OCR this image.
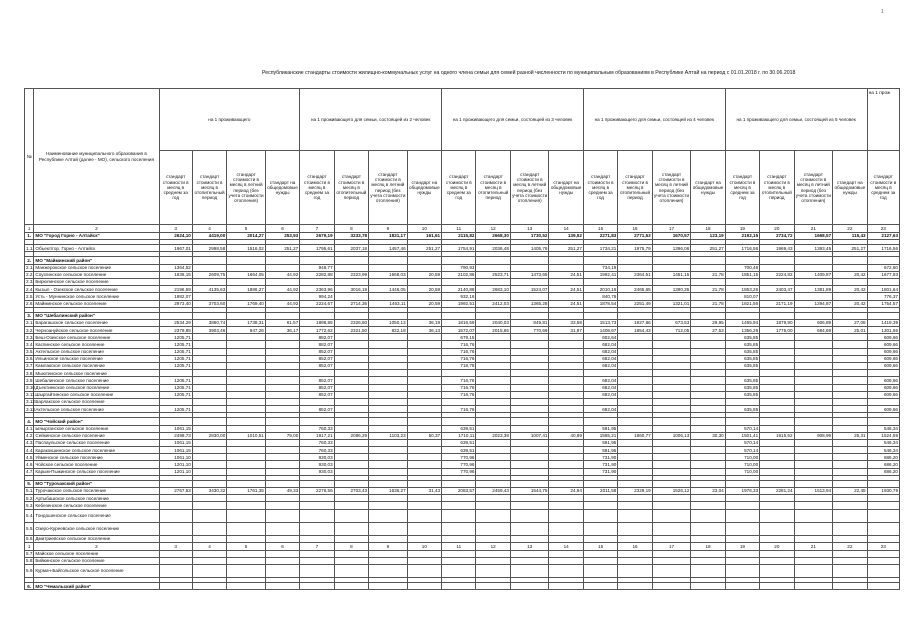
1
Республиканские стандарты стоимости жилищно-коммунальных услуг на одного члена семьи для семей разной численности по муниципальным образованиям в Республике Алтай на период с 01.01.2018 г. по 30.06.2018
№	Наименование муниципального образования в Республике Алтай (далее - МО), сельского поселения	на 1 проживающего				на 1 проживающего для семьи, состоящей из 2 человек				на 1 проживающего для семьи, состоящей из 3 человек				на 1 проживающего для семьи, состоящей из 4 человек				на 1 проживающего для семьи, состоящей из 5 человек				на 1 прож
		стандарт стоимости в месяц в среднем за год	стандарт стоимости в месяц в отопительный период	стандарт стоимости в месяц в летний период (без учета стоимости отопления)	стандарт на общедомовые нужды	стандарт стоимости в месяц в среднем за год	стандарт стоимости в месяц в отопительный период	стандарт стоимости в месяц в летний период (без учета стоимости отопления)	стандарт на общедомовые нужды	стандарт стоимости в месяц в среднем за год	стандарт стоимости в месяц в отопительный период	стандарт стоимости в месяц в летний период (без учета стоимости отопления)	стандарт на общедомовые нужды	стандарт стоимости в месяц в среднем за год	стандарт стоимости в месяц в отопительный период	стандарт стоимости в месяц в летний период (без учета стоимости отопления)	стандарт на общедомовые нужды	стандарт стоимости в месяц в среднем за год	стандарт стоимости в месяц в отопительный период	стандарт стоимости в месяц в летний период (без учета стоимости отопления)	стандарт на общедомовые нужды	стандарт стоимости в месяц в среднем за год
1	2	3	4	5	6	7	8	9	10	11	12	13	14	15	16	17	18	19	20	21	22	23
1.	МО "Город Горно - Алтайск"	2624,10	4419,00	2014,27	253,93	2679,19	3233,78	1831,17	161,61	2115,82	2668,30	1730,52	139,52	2271,83	2771,53	1670,57	123,19	2192,15	2734,72	1668,57	115,43	2127,63

1.1.	Объект/гор. Горно - Алтайск	1967,01	2998,58	1516,02	251,27	1795,61	2037,18	1457,46	251,27	1754,91	2036,48	1405,76	251,27	1734,21	1975,79	1396,06	251,27	1716,56	1969,43	1393,45	251,27	1716,56

2.	МО "Майминский район"																					
2.1.	Манжерокское сельское поселение	1364,52				946,77				790,93				734,19				700,46				672,60
2.2.	Соузгинское сельское поселение	1636,15	2609,75	1664,05	44,92	2282,88	2323,99	1568,03	20,59	2102,86	2523,71	1473,65	24,51	1992,41	2364,51	1451,15	21,78	1851,15	2224,82	1409,87	20,42	1677,93
2.3.	Бирюлинское сельское поселение																					
2.4.	Кызыл - Озекское сельское поселение	2196,59	4135,63	1886,27	44,92	2363,96	3016,19	1446,05	20,59	2140,88	2683,10	1524,07	24,51	2010,16	2465,65	1390,35	21,78	1853,26	2403,47	1381,89	20,42	1801,64
2.5.	Усть - Муннинское сельское поселение	1982,07				994,24				932,16				840,76				810,07				776,37
2.6.	Майминское сельское поселение	2973,40	3703,60	1769,40	44,92	2224,67	2714,36	1463,11	20,59	1992,51	2412,03	1365,28	24,51	1878,54	2251,49	1321,01	21,78	1821,56	2171,19	1294,87	20,42	1754,57

3.	МО "Шебалинский район"																					
3.1.	Барагашское сельское поселение	2534,29	3860,74	1738,31	61,57	1898,85	2326,60	1050,13	36,19	1816,59	2040,03	849,81	33,58	1513,73	1927,86	673,53	29,95	1465,94	1879,90	606,89	27,08	1419,39
3.2.	Черноануйское сельское поселение	2379,85	3903,46	947,26	36,17	1772,62	2321,50	822,18	36,13	1572,07	2015,65	770,69	31,97	1408,67	1854,43	712,05	27,53	1356,26	1775,00	684,69	25,01	1301,56
3.3.	Беш-Озекское сельское поселение	1205,71				882,07				679,15				602,64				635,85				609,66
3.4.	Каспинское сельское поселение	1205,71				882,07				716,76				682,04				635,85				609,66
3.5.	Актельское сельское поселение	1205,71				852,07				716,76				682,04				635,85				609,66
3.6.	Ильинское сельское поселение	1205,71				852,07				716,76				682,04				635,85				609,66
3.7.	Камлакское сельское поселение	1205,71				852,07				718,78				682,04				635,85				609,66
3.8.	Мыютинское сельское поселение																					
3.9.	Шебалинское сельское поселение	1205,71				852,07				716,76				682,04				635,85				609,66
3.10.	Дъектиекское сельское поселение	1205,71				852,07				716,76				682,04				635,85				609,66
3.11.	Шыргайтинское сельское поселение	1205,71				852,07				716,76				682,04				635,85				609,66
3.12.	Барлакское сельское поселение																					
3.13.	Актельское сельское поселение	1205,71				852,07				716,76				682,04				635,85				609,66

4.	МО "Чойский район"																					
4.1.	Ынырганское сельское поселение	1061,15				760,33				639,51				591,95				570,14				546,34
4.2.	Сейкинское сельское поселение	2498,73	2830,00	1010,51	79,00	1917,21	2086,29	1103,23	50,37	1710,11	2023,38	1007,41	40,89	1585,21	1860,77	1006,13	30,30	1501,41	1915,52	908,99	25,31	1524,59
4.3.	Паспаульское сельское поселение	1061,15				760,33				639,51				591,95				570,14				546,34
4.4.	Каракокшинское сельское поселение	1061,15				760,33				639,51				591,95				570,14				546,34
4.5.	Уйменское сельское поселение	1061,10				930,03				770,96				731,90				710,00				686,20
4.6.	Чойское сельское поселение	1201,10				930,03				770,96				731,90				710,00				686,20
4.7.	Карым-Пыжинское сельское поселение	1201,10				930,03				770,96				731,90				710,00				686,20

5.	МО "Турочакский район"																					
5.1.	Турочакское сельское поселение	2767,53	3430,32	1761,35	49,33	2276,56	2703,43	1636,27	31,43	2083,57	2459,43	1544,75	24,94	2011,58	2329,19	1526,12	23,04	1976,33	2281,24	1513,94	22,45	1930,79
5.2.	Артыбашское сельское поселение																					
5.3.	Кебезенское сельское поселение																					
5.4.	Тондошенское сельское поселение																					
5.5.	Озеро-Куреевское сельское поселение																					
5.6.	Дмитриевское сельское поселение																					
1	2	3	4	5	6	7	8	9	10	11	12	13	14	15	16	17	18	19	20	21	22	23
5.7.	Майское сельское поселение																					
5.8.	Бийкинское сельское поселение																					
5.9.	Курмач-Байгольское сельское поселение																					

6.	МО "Чемальский район"																					
